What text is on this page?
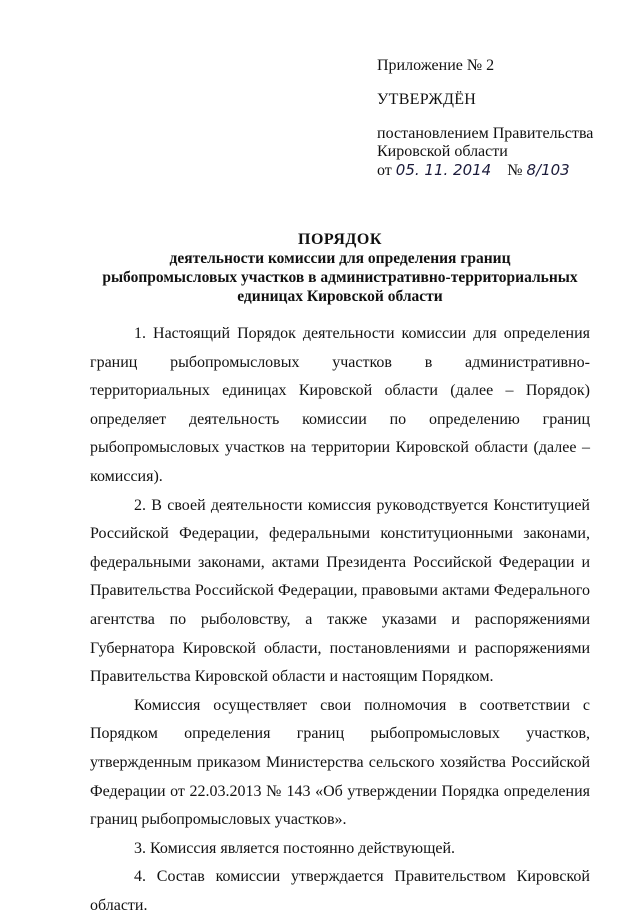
Приложение № 2
УТВЕРЖДЁН
постановлением Правительства
Кировской области
от 05. 11. 2014 № 8/103
ПОРЯДОК
деятельности комиссии для определения границ
рыбопромысловых участков в административно-территориальных
единицах Кировской области

1. Настоящий Порядок деятельности комиссии для определения границ рыбопромысловых участков в административно-территориальных единицах Кировской области (далее – Порядок) определяет деятельность комиссии по определению границ рыбопромысловых участков на территории Кировской области (далее – комиссия).

2. В своей деятельности комиссия руководствуется Конституцией Российской Федерации, федеральными конституционными законами, федеральными законами, актами Президента Российской Федерации и Правительства Российской Федерации, правовыми актами Федерального агентства по рыболовству, а также указами и распоряжениями Губернатора Кировской области, постановлениями и распоряжениями Правительства Кировской области и настоящим Порядком.

Комиссия осуществляет свои полномочия в соответствии с Порядком определения границ рыбопромысловых участков, утвержденным приказом Министерства сельского хозяйства Российской Федерации от 22.03.2013 № 143 «Об утверждении Порядка определения границ рыбопромысловых участков».

3. Комиссия является постоянно действующей.

4. Состав комиссии утверждается Правительством Кировской области.
